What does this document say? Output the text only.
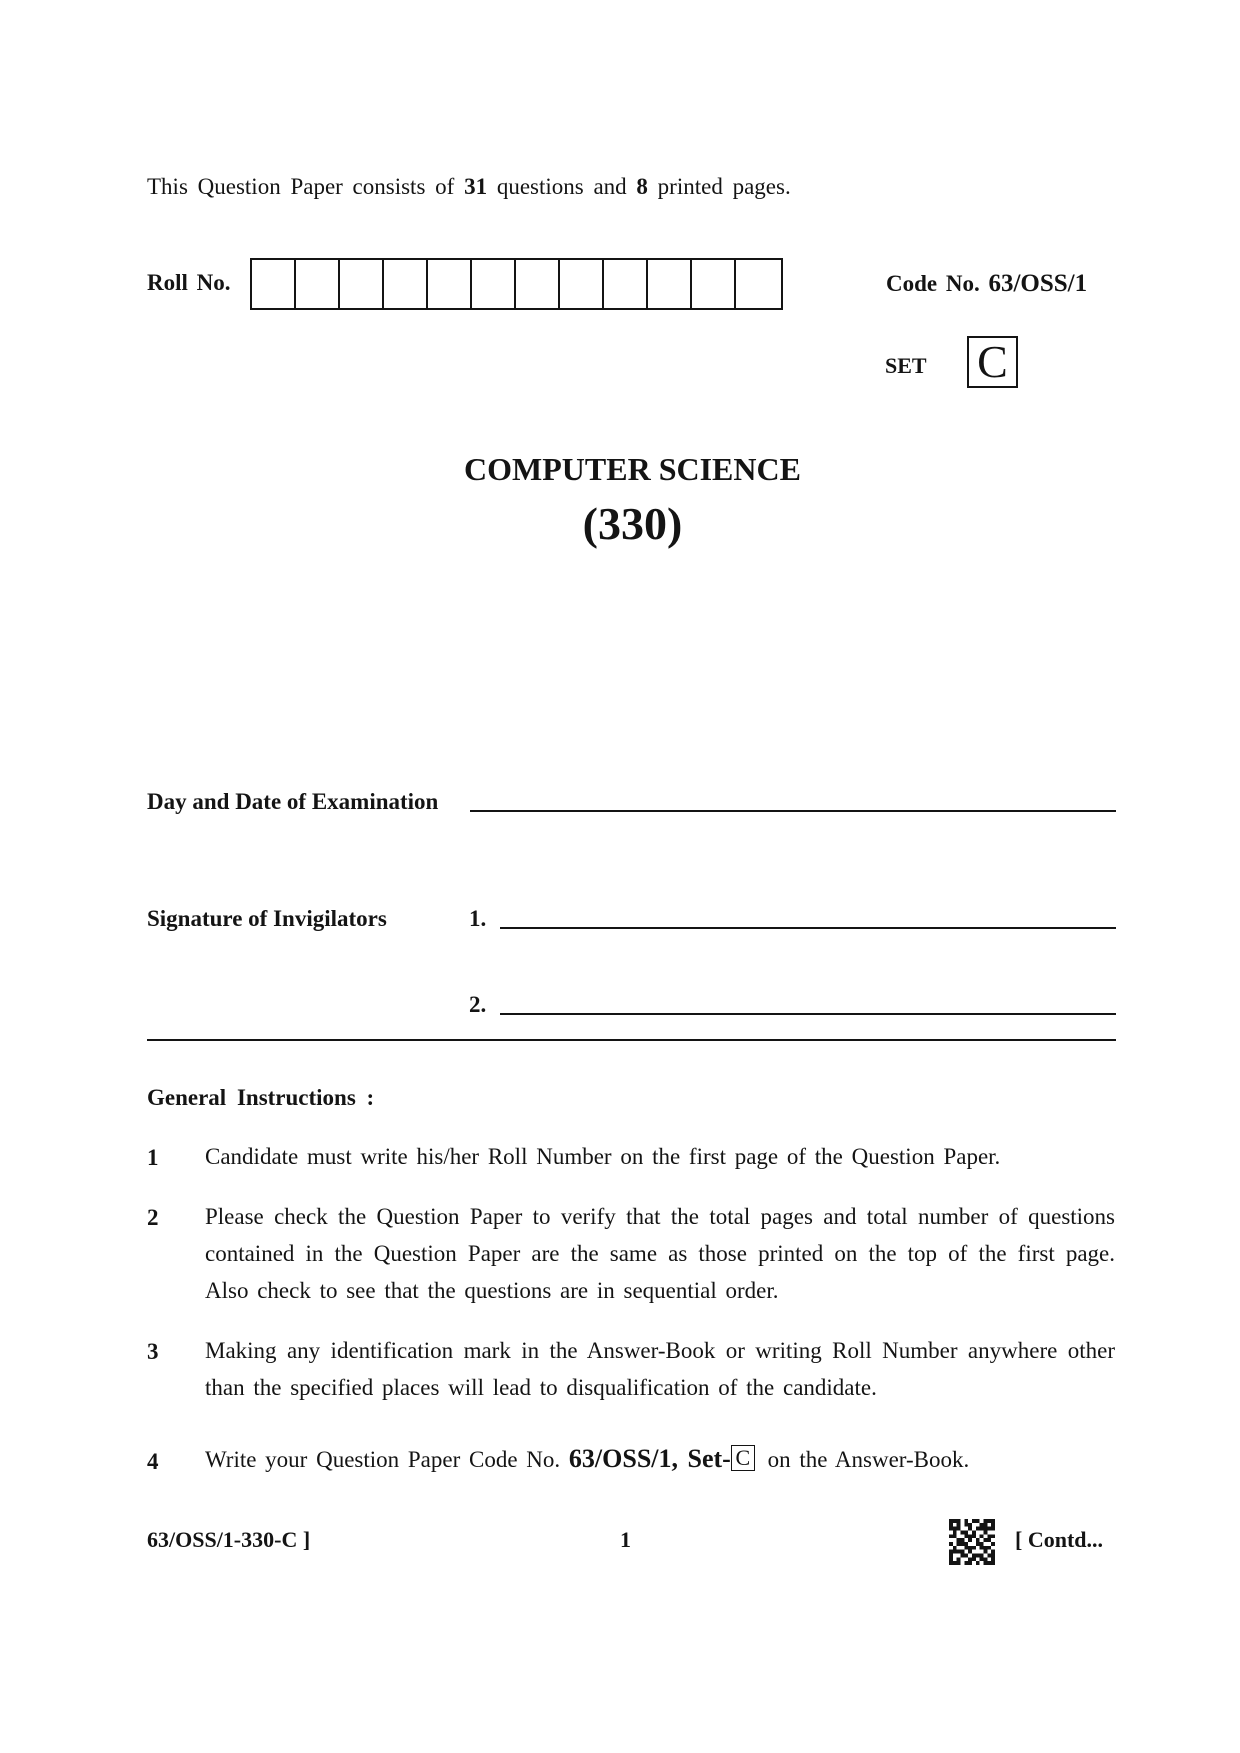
This Question Paper consists of 31 questions and 8 printed pages.
Roll No.	Code No. 63/OSS/1
SET C
COMPUTER SCIENCE
(330)
Day and Date of Examination
Signature of Invigilators	1.
2.
General Instructions :
1 Candidate must write his/her Roll Number on the first page of the Question Paper.
2 Please check the Question Paper to verify that the total pages and total number of questions contained in the Question Paper are the same as those printed on the top of the first page. Also check to see that the questions are in sequential order.
3 Making any identification mark in the Answer-Book or writing Roll Number anywhere other than the specified places will lead to disqualification of the candidate.
4 Write your Question Paper Code No. 63/OSS/1, Set- C on the Answer-Book.
63/OSS/1-330-C ]	1	[ Contd...
